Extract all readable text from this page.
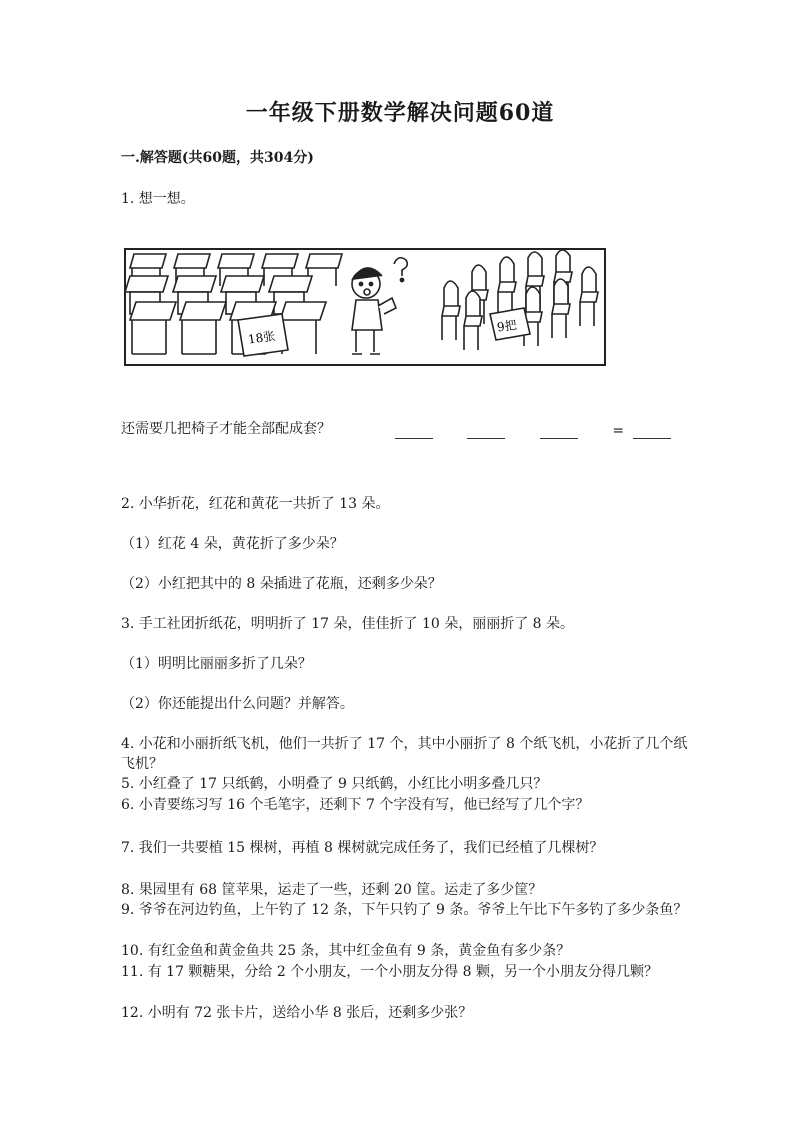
一年级下册数学解决问题60道
一.解答题(共60题，共304分)
1. 想一想。
18张
9把
还需要几把椅子才能全部配成套？	=
2. 小华折花，红花和黄花一共折了 13 朵。
（1）红花 4 朵，黄花折了多少朵？
（2）小红把其中的 8 朵插进了花瓶，还剩多少朵？
3. 手工社团折纸花，明明折了 17 朵，佳佳折了 10 朵，丽丽折了 8 朵。
（1）明明比丽丽多折了几朵？
（2）你还能提出什么问题？并解答。
4. 小花和小丽折纸飞机，他们一共折了 17 个，其中小丽折了 8 个纸飞机，小花折了几个纸飞机？
5. 小红叠了 17 只纸鹤，小明叠了 9 只纸鹤，小红比小明多叠几只？
6. 小青要练习写 16 个毛笔字，还剩下 7 个字没有写，他已经写了几个字？
7. 我们一共要植 15 棵树，再植 8 棵树就完成任务了，我们已经植了几棵树？
8. 果园里有 68 筐苹果，运走了一些，还剩 20 筐。运走了多少筐？
9. 爷爷在河边钓鱼，上午钓了 12 条，下午只钓了 9 条。爷爷上午比下午多钓了多少条鱼？
10. 有红金鱼和黄金鱼共 25 条，其中红金鱼有 9 条，黄金鱼有多少条？
11. 有 17 颗糖果，分给 2 个小朋友，一个小朋友分得 8 颗，另一个小朋友分得几颗？
12. 小明有 72 张卡片，送给小华 8 张后，还剩多少张？
